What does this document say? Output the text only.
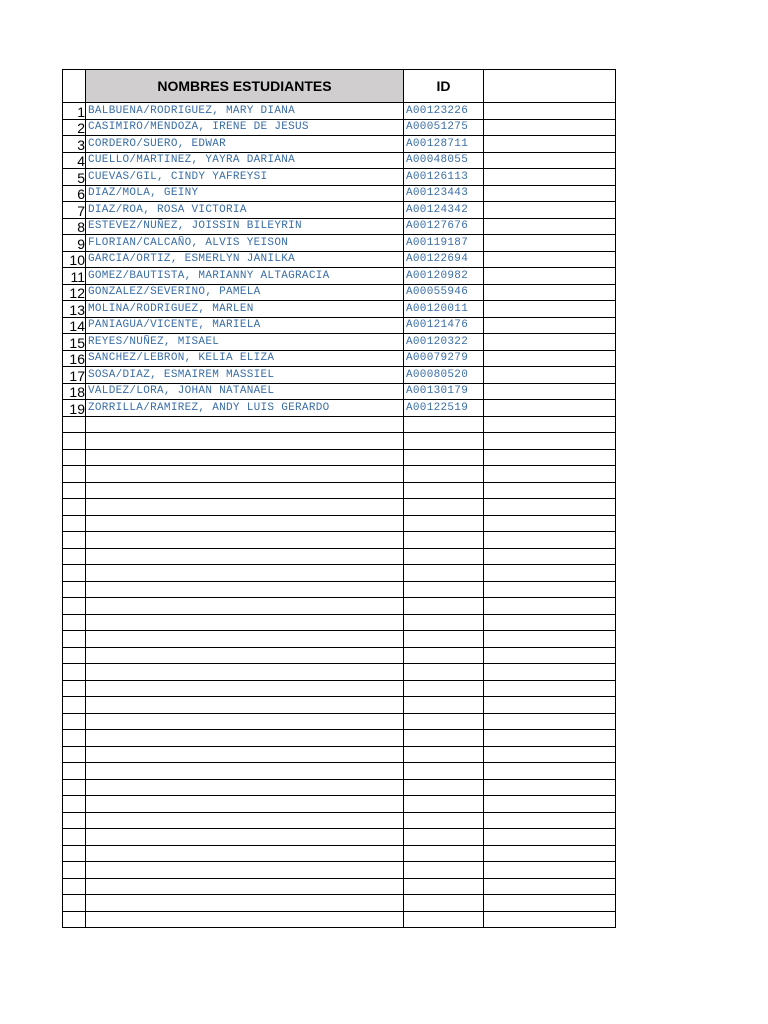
	NOMBRES ESTUDIANTES	ID	
1	BALBUENA/RODRIGUEZ, MARY DIANA	A00123226	
2	CASIMIRO/MENDOZA, IRENE DE JESUS	A00051275	
3	CORDERO/SUERO, EDWAR	A00128711	
4	CUELLO/MARTINEZ, YAYRA DARIANA	A00048055	
5	CUEVAS/GIL, CINDY YAFREYSI	A00126113	
6	DIAZ/MOLA, GEINY	A00123443	
7	DIAZ/ROA, ROSA VICTORIA	A00124342	
8	ESTEVEZ/NUÑEZ, JOISSIN BILEYRIN	A00127676	
9	FLORIAN/CALCAÑO, ALVIS YEISON	A00119187	
10	GARCIA/ORTIZ, ESMERLYN JANILKA	A00122694	
11	GOMEZ/BAUTISTA, MARIANNY ALTAGRACIA	A00120982	
12	GONZALEZ/SEVERINO, PAMELA	A00055946	
13	MOLINA/RODRIGUEZ, MARLEN	A00120011	
14	PANIAGUA/VICENTE, MARIELA	A00121476	
15	REYES/NUÑEZ, MISAEL	A00120322	
16	SANCHEZ/LEBRON, KELIA ELIZA	A00079279	
17	SOSA/DIAZ, ESMAIREM MASSIEL	A00080520	
18	VALDEZ/LORA, JOHAN NATANAEL	A00130179	
19	ZORRILLA/RAMIREZ, ANDY LUIS GERARDO	A00122519	
